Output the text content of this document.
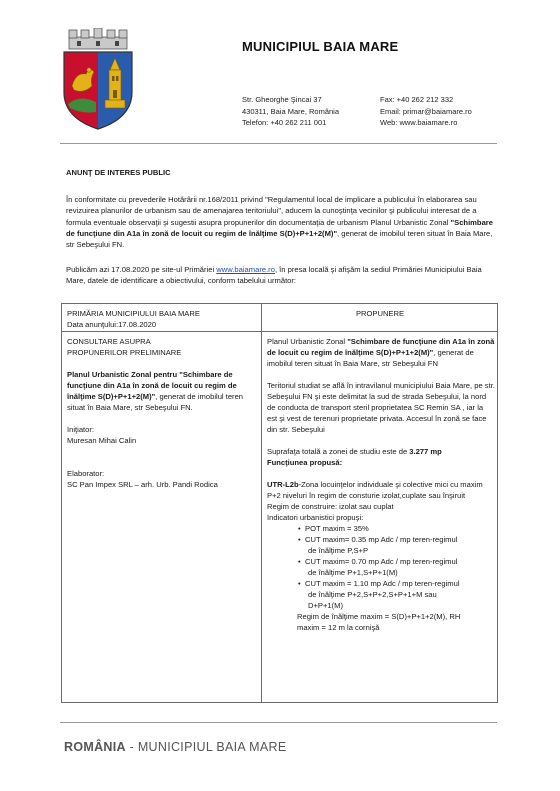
MUNICIPIUL BAIA MARE
Str. Gheorghe Şincai 37
430311, Baia Mare, România
Telefon: +40 262 211 001
Fax: +40 262 212 332
Email: primar@baiamare.ro
Web: www.baiamare.ro
ANUNŢ DE INTERES PUBLIC

În conformitate cu prevederile Hotărârii nr.168/2011 privind "Regulamentul local de implicare a publicului în elaborarea sau revizuirea planurilor de urbanism sau de amenajarea teritoriului", aducem la cunoştinţa vecinilor şi publicului interesat de a formula eventuale observaţii şi sugestii asupra propunerilor din documentaţia de urbanism Planul Urbanistic Zonal "Schimbare de funcţiune din A1a în zonă de locuit cu regim de înălţime S(D)+P+1+2(M)", generat de imobilul teren situat în Baia Mare, str Sebeşului FN.

Publicăm azi 17.08.2020 pe site-ul Primăriei www.baiamare.ro, în presa locală şi afişăm la sediul Primăriei Municipiului Baia Mare, datele de identificare a obiectivului, conform tabelului următor:

PRIMĂRIA MUNICIPIULUI BAIA MARE
Data anunţului:17.08.2020
PROPUNERE
CONSULTARE ASUPRA
PROPUNERILOR PRELIMINARE
Planul Urbanistic Zonal pentru "Schimbare de funcţiune din A1a în zonă de locuit cu regim de înălţime S(D)+P+1+2(M)", generat de imobilul teren situat în Baia Mare, str Sebeşului FN.
Iniţiator:
Muresan Mihai Calin
Elaborator:
SC Pan Impex SRL – arh. Urb. Pandi Rodica
Planul Urbanistic Zonal "Schimbare de funcţiune din A1a în zonă de locuit cu regim de înălţime S(D)+P+1+2(M)", generat de imobilul teren situat în Baia Mare, str Sebeşului FN
Teritoriul studiat se află în intravilanul municipiului Baia Mare, pe str. Sebeşului FN şi este delimitat la sud de strada Sebeşului, la nord de conducta de transport steril proprietatea SC Remin SA , iar la est şi vest de terenuri proprietate privata. Accesul în zonă se face din str. Sebeşului
Suprafaţa totală a zonei de studiu este de 3.277 mp
Funcţiunea propusă:
UTR-L2b-Zona locuinţelor individuale şi colective mici cu maxim P+2 niveluri în regim de consturie izolat,cuplate sau înşiruit
Regim de construire: izolat sau cuplat
Indicatori urbanistici propuşi:
• POT maxim = 35%
• CUT maxim= 0.35 mp Adc / mp teren-regimul
de înălţime P,S+P
• CUT maxim= 0.70 mp Adc / mp teren-regimul
de înălţime P+1,S+P+1(M)
• CUT maxim = 1.10 mp Adc / mp teren-regimul
de înălţime P+2,S+P+2,S+P+1+M sau
D+P+1(M)
Regim de înălţime maxim = S(D)+P+1+2(M), RH
maxim = 12 m la cornişă
ROMÂNIA - MUNICIPIUL BAIA MARE
